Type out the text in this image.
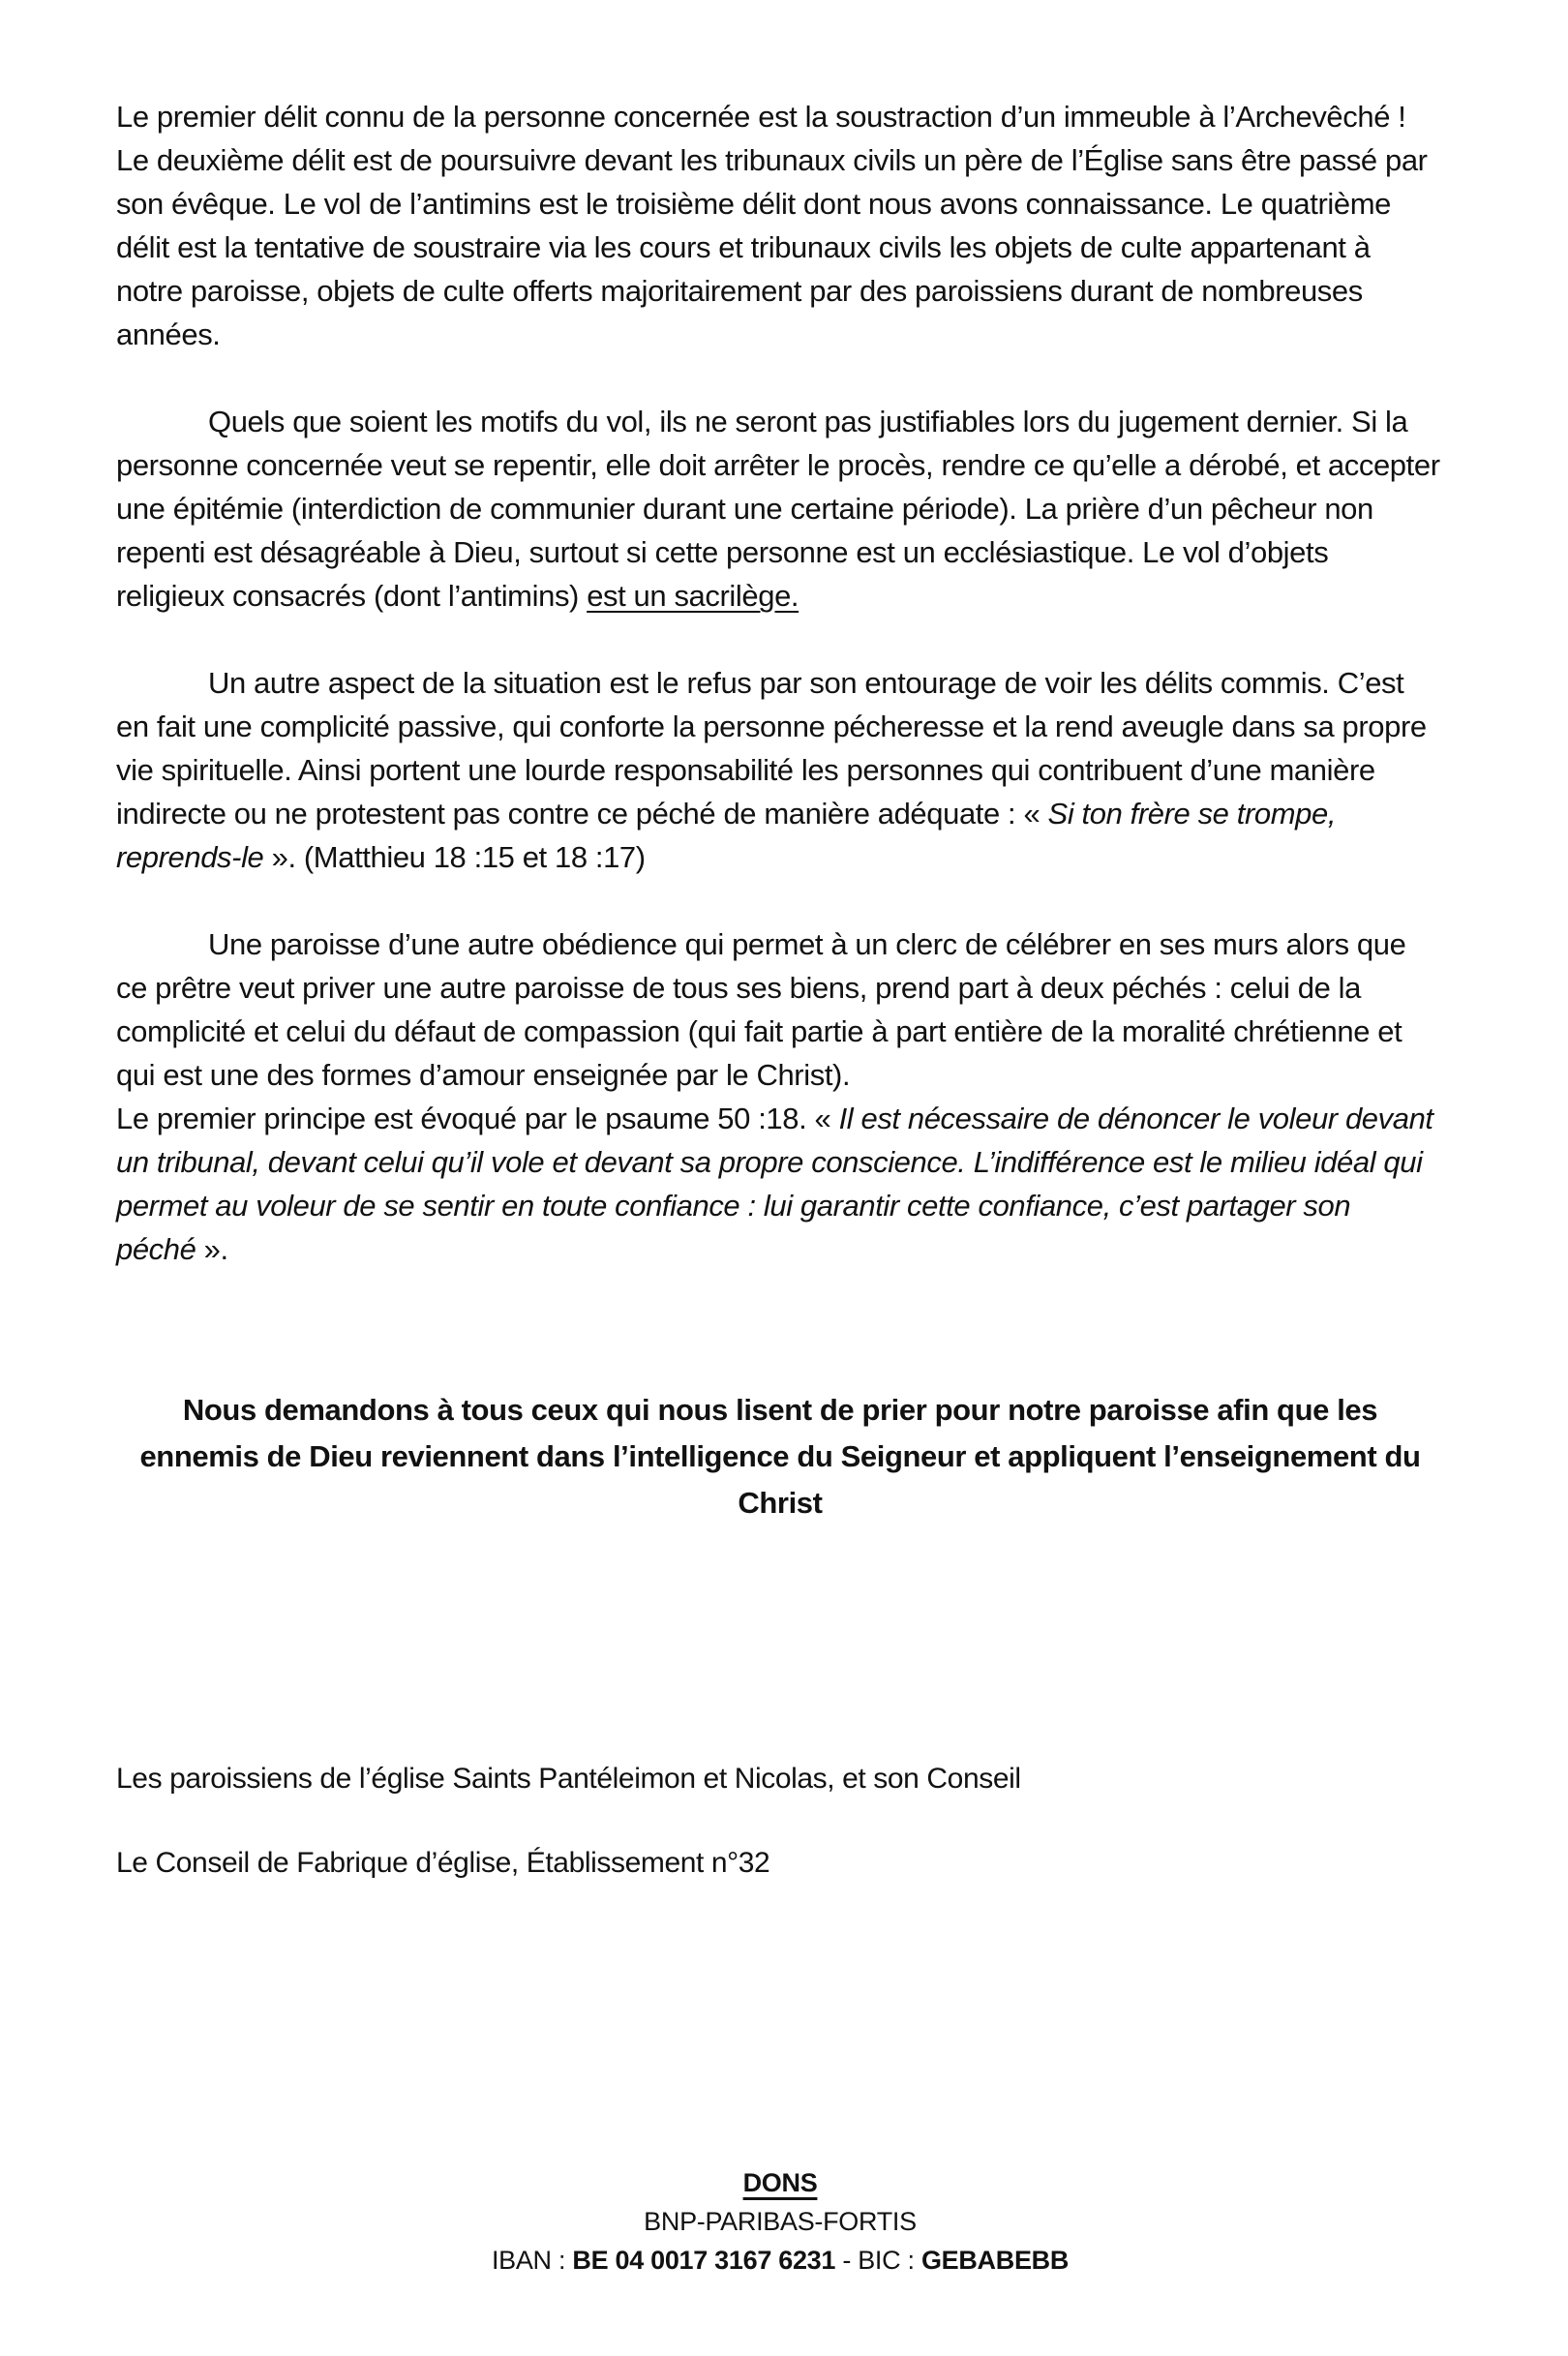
Le premier délit connu de la personne concernée est la soustraction d’un immeuble à l’Archevêché ! Le deuxième délit est de poursuivre devant les tribunaux civils un père de l’Église sans être passé par son évêque. Le vol de l’antimins est le troisième délit dont nous avons connaissance. Le quatrième délit est la tentative de soustraire via les cours et tribunaux civils les objets de culte appartenant à notre paroisse, objets de culte offerts majoritairement par des paroissiens durant de nombreuses années.

Quels que soient les motifs du vol, ils ne seront pas justifiables lors du jugement dernier. Si la personne concernée veut se repentir, elle doit arrêter le procès, rendre ce qu’elle a dérobé, et accepter une épitémie (interdiction de communier durant une certaine période). La prière d’un pêcheur non repenti est désagréable à Dieu, surtout si cette personne est un ecclésiastique. Le vol d’objets religieux consacrés (dont l’antimins) est un sacrilège.

Un autre aspect de la situation est le refus par son entourage de voir les délits commis. C’est en fait une complicité passive, qui conforte la personne pécheresse et la rend aveugle dans sa propre vie spirituelle. Ainsi portent une lourde responsabilité les personnes qui contribuent d’une manière indirecte ou ne protestent pas contre ce péché de manière adéquate : « Si ton frère se trompe, reprends-le ». (Matthieu 18 :15 et 18 :17)

Une paroisse d’une autre obédience qui permet à un clerc de célébrer en ses murs alors que ce prêtre veut priver une autre paroisse de tous ses biens, prend part à deux péchés : celui de la complicité et celui du défaut de compassion (qui fait partie à part entière de la moralité chrétienne et qui est une des formes d’amour enseignée par le Christ).

Le premier principe est évoqué par le psaume 50 :18. « Il est nécessaire de dénoncer le voleur devant un tribunal, devant celui qu’il vole et devant sa propre conscience. L’indifférence est le milieu idéal qui permet au voleur de se sentir en toute confiance : lui garantir cette confiance, c’est partager son péché ».

Nous demandons à tous ceux qui nous lisent de prier pour notre paroisse afin que les ennemis de Dieu reviennent dans l’intelligence du Seigneur et appliquent l’enseignement du Christ

Les paroissiens de l’église Saints Pantéleimon et Nicolas, et son Conseil

Le Conseil de Fabrique d’église, Établissement n°32

DONS

BNP-PARIBAS-FORTIS

IBAN : BE 04 0017 3167 6231 - BIC : GEBABEBB
